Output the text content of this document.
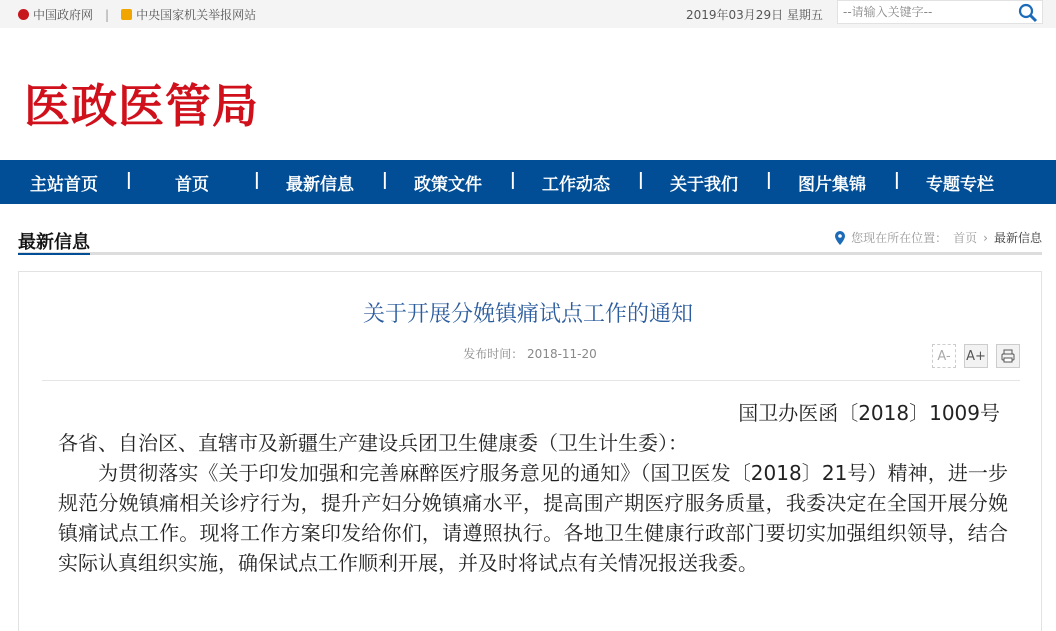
中国政府网 | 中央国家机关举报网站	2019年03月29日 星期五
--请输入关键字--
医政医管局
主站首页 |	首页 |	最新信息 |	政策文件 |	工作动态 |	关于我们 |	图片集锦 |	专题专栏
最新信息	您现在所在位置： 首页 › 最新信息
关于开展分娩镇痛试点工作的通知
发布时间： 2018-11-20	A-	A+
国卫办医函〔2018〕1009号
各省、自治区、直辖市及新疆生产建设兵团卫生健康委（卫生计生委）：
为贯彻落实《关于印发加强和完善麻醉医疗服务意见的通知》（国卫医发〔2018〕21号）精神，进一步规范分娩镇痛相关诊疗行为，提升产妇分娩镇痛水平，提高围产期医疗服务质量，我委决定在全国开展分娩镇痛试点工作。现将工作方案印发给你们，请遵照执行。各地卫生健康行政部门要切实加强组织领导，结合实际认真组织实施，确保试点工作顺利开展，并及时将试点有关情况报送我委。
